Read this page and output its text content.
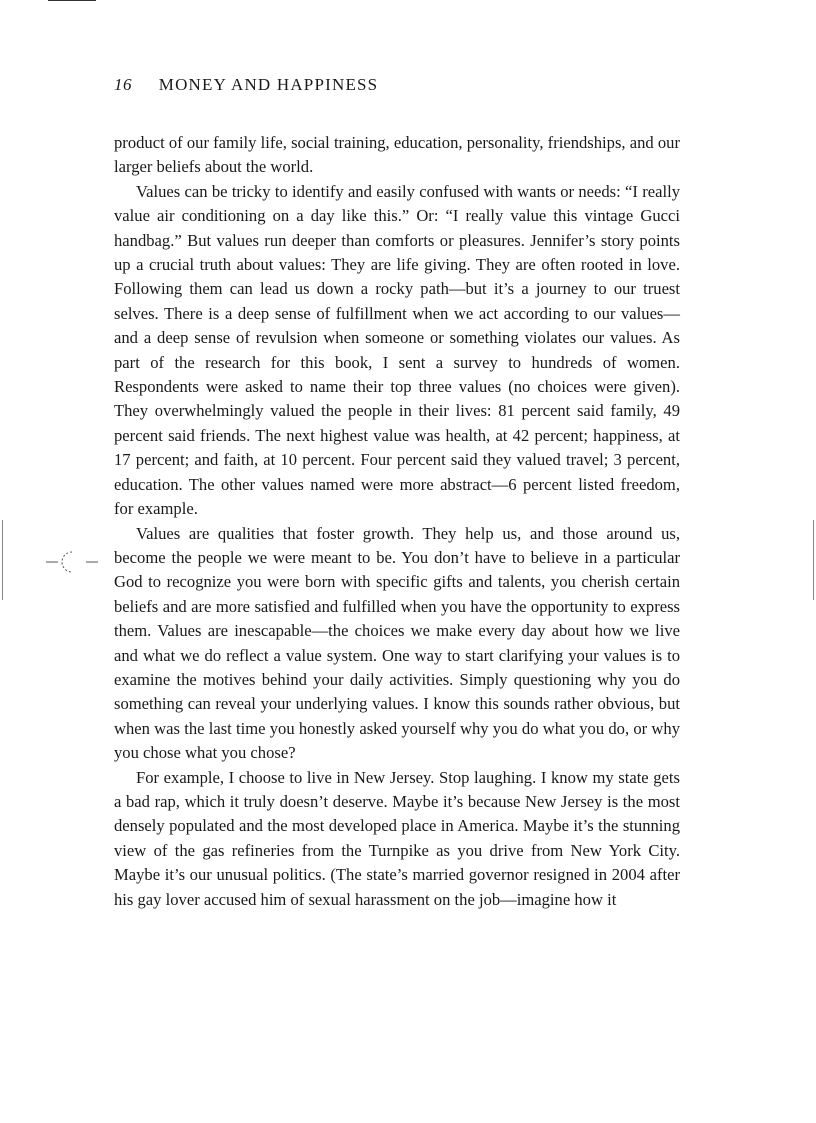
16 MONEY AND HAPPINESS

product of our family life, social training, education, personality, friendships, and our larger beliefs about the world.

Values can be tricky to identify and easily confused with wants or needs: “I really value air conditioning on a day like this.” Or: “I really value this vintage Gucci handbag.” But values run deeper than comforts or pleasures. Jennifer’s story points up a crucial truth about values: They are life giving. They are often rooted in love. Following them can lead us down a rocky path—but it’s a journey to our truest selves. There is a deep sense of fulfillment when we act according to our values—and a deep sense of revulsion when someone or something violates our values. As part of the research for this book, I sent a survey to hundreds of women. Respondents were asked to name their top three values (no choices were given). They overwhelmingly valued the people in their lives: 81 percent said family, 49 percent said friends. The next highest value was health, at 42 percent; happiness, at 17 percent; and faith, at 10 percent. Four percent said they valued travel; 3 percent, education. The other values named were more abstract—6 percent listed freedom, for example.

Values are qualities that foster growth. They help us, and those around us, become the people we were meant to be. You don’t have to believe in a particular God to recognize you were born with specific gifts and talents, you cherish certain beliefs and are more satisfied and fulfilled when you have the opportunity to express them. Values are inescapable—the choices we make every day about how we live and what we do reflect a value system. One way to start clarifying your values is to examine the motives behind your daily activities. Simply questioning why you do something can reveal your underlying values. I know this sounds rather obvious, but when was the last time you honestly asked yourself why you do what you do, or why you chose what you chose?

For example, I choose to live in New Jersey. Stop laughing. I know my state gets a bad rap, which it truly doesn’t deserve. Maybe it’s because New Jersey is the most densely populated and the most developed place in America. Maybe it’s the stunning view of the gas refineries from the Turnpike as you drive from New York City. Maybe it’s our unusual politics. (The state’s married governor resigned in 2004 after his gay lover accused him of sexual harassment on the job—imagine how it
